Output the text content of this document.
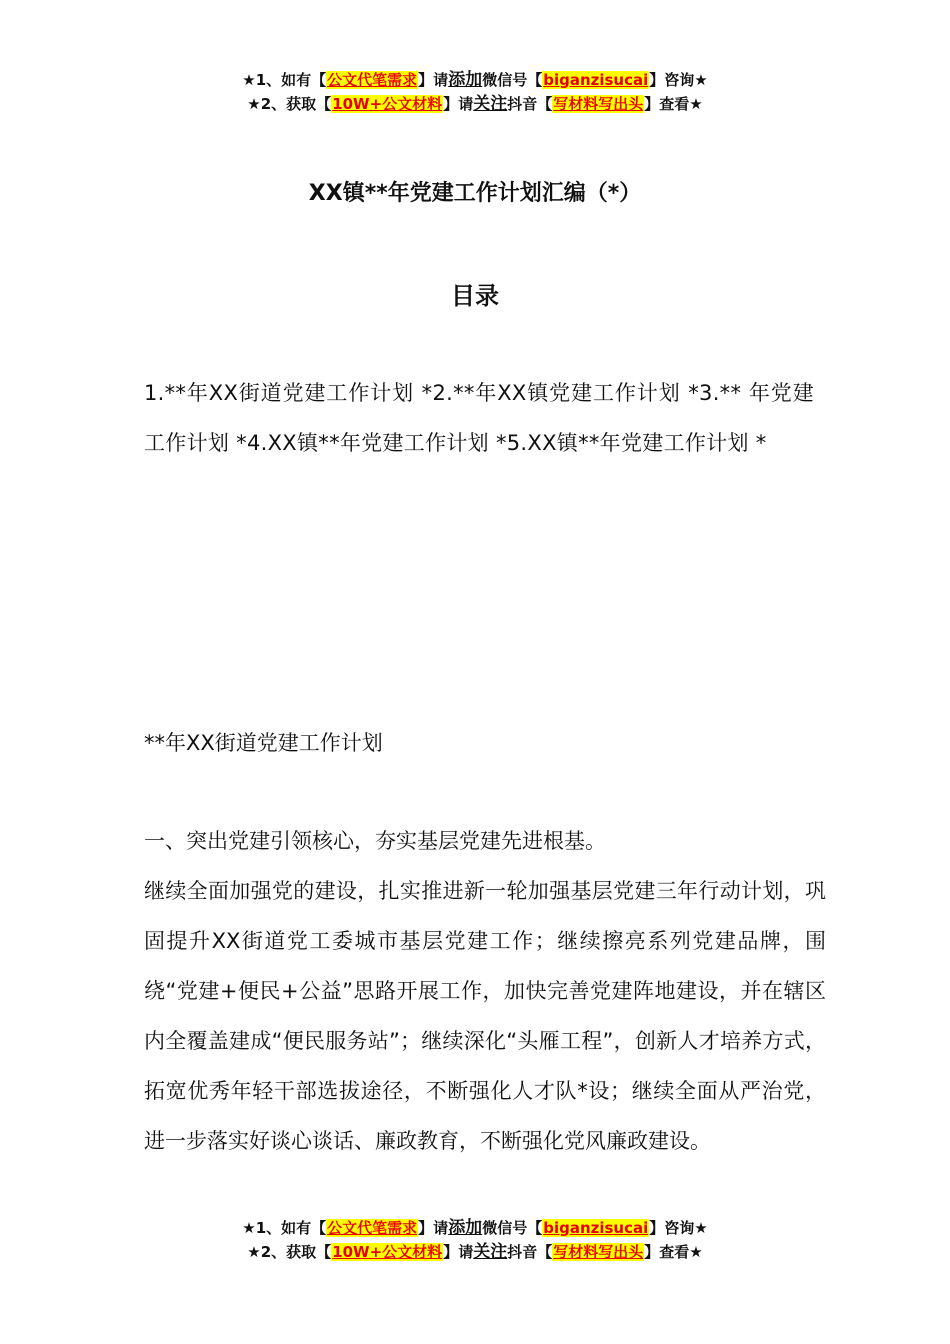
★1、如有【公文代笔需求】请添加微信号【biganzisucai】咨询★
★2、获取【10W+公文材料】请关注抖音【写材料写出头】查看★
XX镇**年党建工作计划汇编（*）
目录
1.**年XX街道党建工作计划 *2.**年XX镇党建工作计划 *3.** 年党建工作计划 *4.XX镇**年党建工作计划 *5.XX镇**年党建工作计划 *
**年XX街道党建工作计划
一、突出党建引领核心，夯实基层党建先进根基。
继续全面加强党的建设，扎实推进新一轮加强基层党建三年行动计划，巩固提升XX街道党工委城市基层党建工作；继续擦亮系列党建品牌，围绕“党建+便民+公益”思路开展工作，加快完善党建阵地建设，并在辖区内全覆盖建成“便民服务站”；继续深化“头雁工程”，创新人才培养方式，拓宽优秀年轻干部选拔途径，不断强化人才队*设；继续全面从严治党，进一步落实好谈心谈话、廉政教育，不断强化党风廉政建设。
★1、如有【公文代笔需求】请添加微信号【biganzisucai】咨询★
★2、获取【10W+公文材料】请关注抖音【写材料写出头】查看★
